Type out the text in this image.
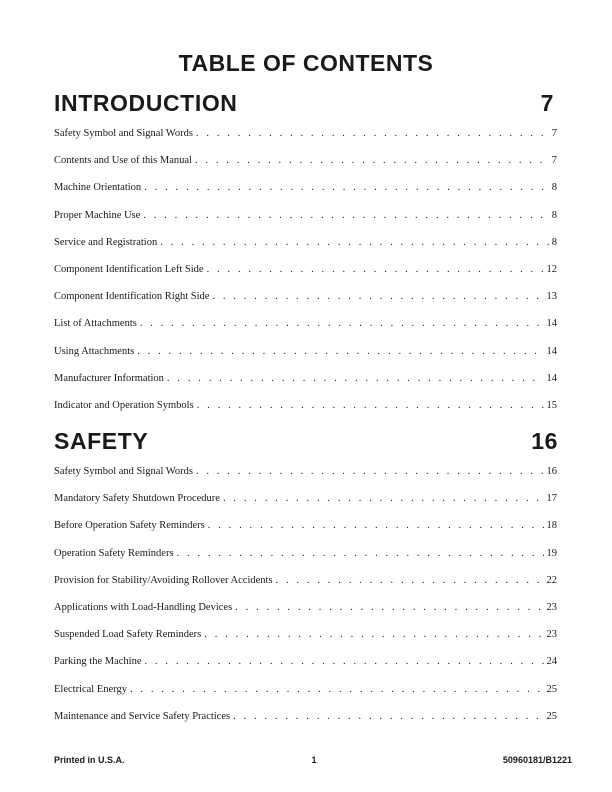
TABLE OF CONTENTS
INTRODUCTION	7
Safety Symbol and Signal Words . . .	7
Contents and Use of this Manual . . .	7
Machine Orientation . . .	8
Proper Machine Use . . .	8
Service and Registration . . .	8
Component Identification Left Side . . .	12
Component Identification Right Side . . .	13
List of Attachments . . .	14
Using Attachments . . .	14
Manufacturer Information . . .	14
Indicator and Operation Symbols . . .	15
SAFETY	16
Safety Symbol and Signal Words . . .	16
Mandatory Safety Shutdown Procedure . . .	17
Before Operation Safety Reminders . . .	18
Operation Safety Reminders . . .	19
Provision for Stability/Avoiding Rollover Accidents . . .	22
Applications with Load-Handling Devices . . .	23
Suspended Load Safety Reminders . . .	23
Parking the Machine . . .	24
Electrical Energy . . .	25
Maintenance and Service Safety Practices . . .	25
Printed in U.S.A.	1	50960181/B1221
